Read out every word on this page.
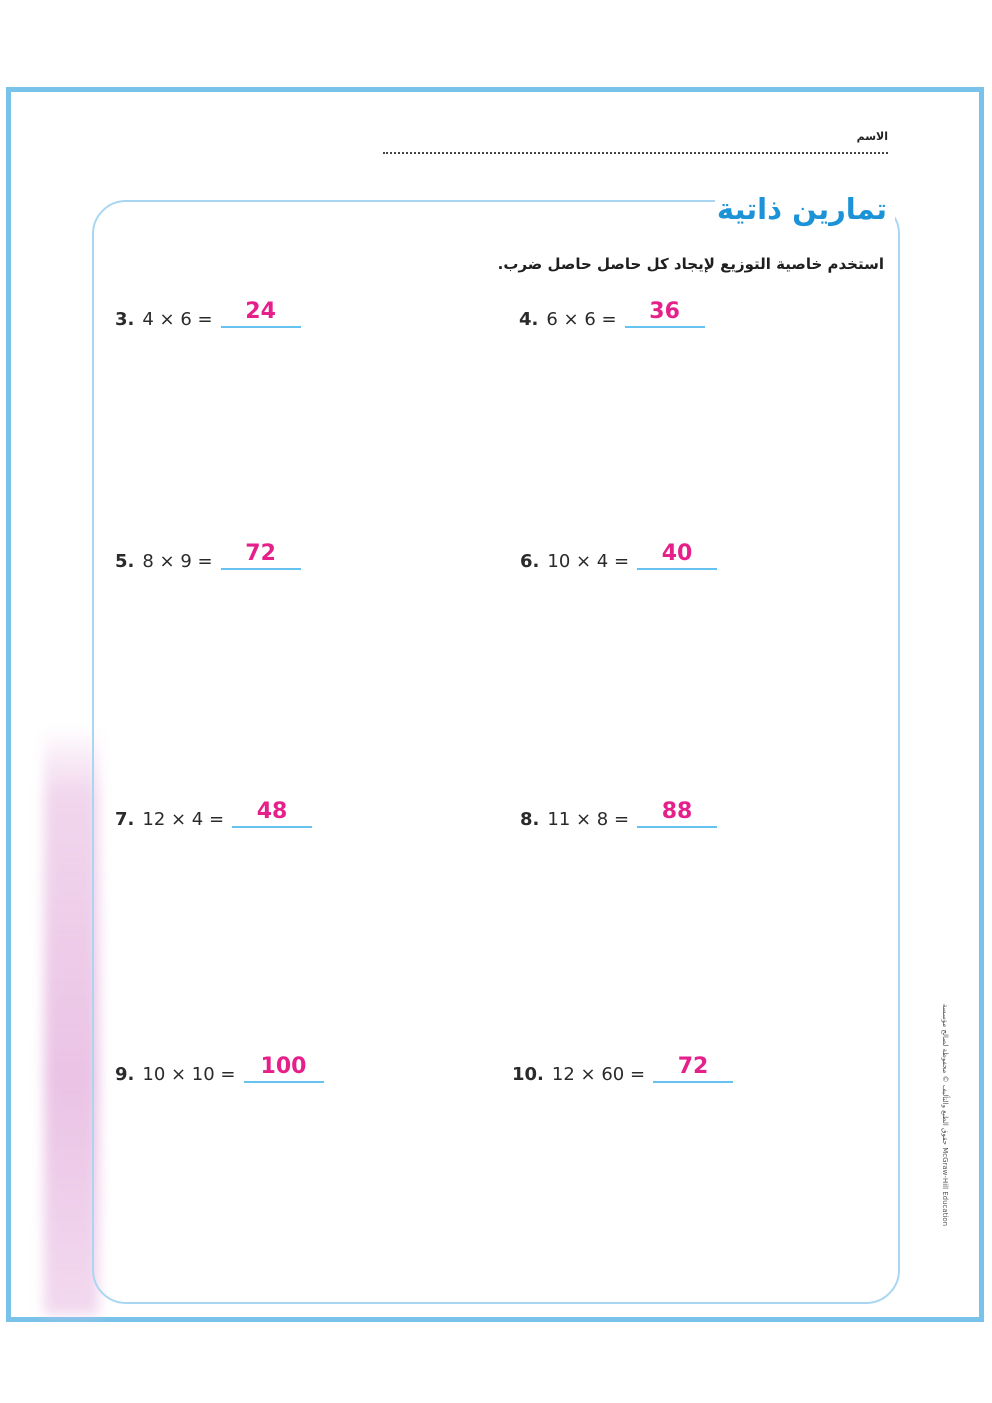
الاسم
تمارين ذاتية
استخدم خاصية التوزيع لإيجاد كل حاصل حاصل ضرب.
3. 4 × 6 =	24	4. 6 × 6 =	36
5. 8 × 9 =	72	6. 10 × 4 =	40
7. 12 × 4 =	48	8. 11 × 8 =	88
9. 10 × 10 =	100	10. 12 × 60 =	72	حقوق الطبع والتأليف © محفوظة لصالح مؤسسة McGraw-Hill Education
